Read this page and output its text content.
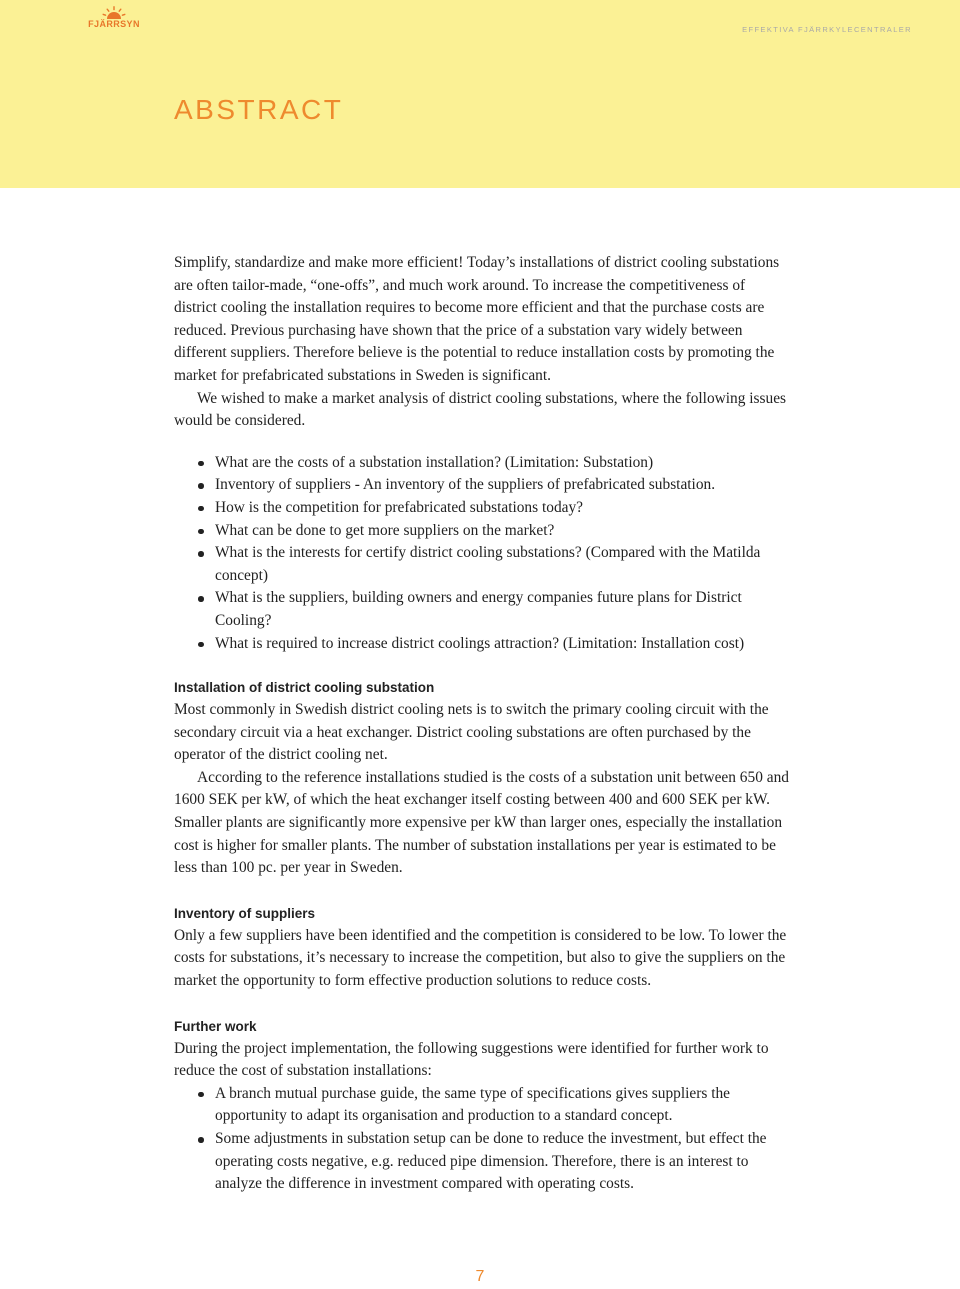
FJÄRRSYN
EFFEKTIVA FJÄRRKYLECENTRALER
ABSTRACT

Simplify, standardize and make more efficient! Today’s installations of district cooling substations are often tailor-made, “one-offs”, and much work around. To increase the competitiveness of district cooling the installation requires to become more efficient and that the purchase costs are reduced. Previous purchasing have shown that the price of a substation vary widely between different suppliers. Therefore believe is the potential to reduce installation costs by promoting the market for prefabricated substations in Sweden is significant.

We wished to make a market analysis of district cooling substations, where the following issues would be considered.

What are the costs of a substation installation? (Limitation: Substation)
Inventory of suppliers - An inventory of the suppliers of prefabricated substation.
How is the competition for prefabricated substations today?
What can be done to get more suppliers on the market?
What is the interests for certify district cooling substations? (Compared with the Matilda concept)
What is the suppliers, building owners and energy companies future plans for District Cooling?
What is required to increase district coolings attraction? (Limitation: Installation cost)
Installation of district cooling substation

Most commonly in Swedish district cooling nets is to switch the primary cooling circuit with the secondary circuit via a heat exchanger. District cooling substations are often purchased by the operator of the district cooling net.

According to the reference installations studied is the costs of a substation unit between 650 and 1600 SEK per kW, of which the heat exchanger itself costing between 400 and 600 SEK per kW. Smaller plants are significantly more expensive per kW than larger ones, especially the installation cost is higher for smaller plants. The number of substation installations per year is estimated to be less than 100 pc. per year in Sweden.

Inventory of suppliers

Only a few suppliers have been identified and the competition is considered to be low. To lower the costs for substations, it’s necessary to increase the competition, but also to give the suppliers on the market the opportunity to form effective production solutions to reduce costs.

Further work

During the project implementation, the following suggestions were identified for further work to reduce the cost of substation installations:

A branch mutual purchase guide, the same type of specifications gives suppliers the opportunity to adapt its organisation and production to a standard concept.
Some adjustments in substation setup can be done to reduce the investment, but effect the operating costs negative, e.g. reduced pipe dimension. Therefore, there is an interest to analyze the difference in investment compared with operating costs.
7
